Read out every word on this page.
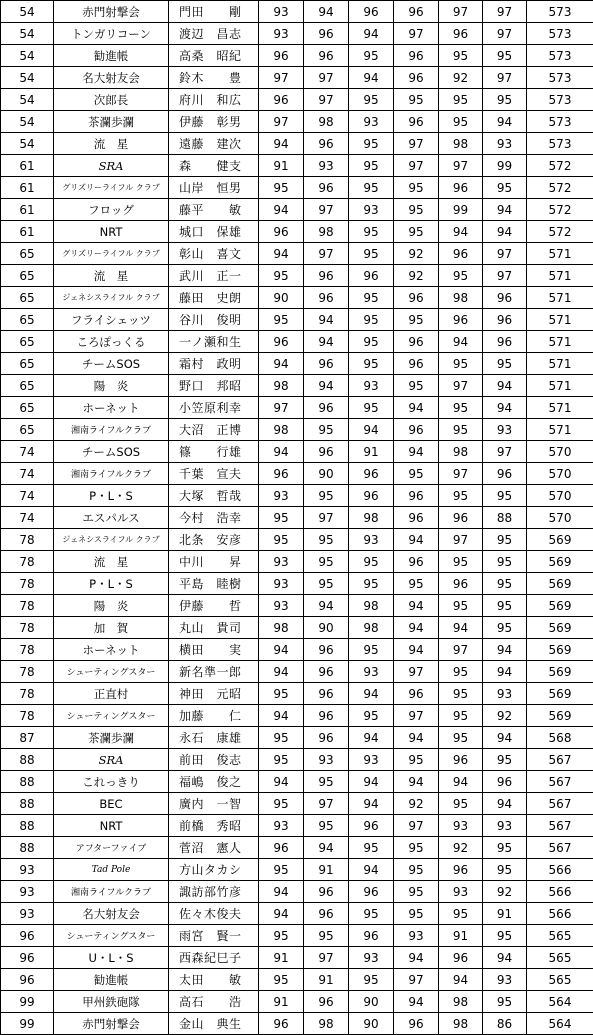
54	赤門射撃会	門田　　剛	93	94	96	96	97	97	573
54	トンガリコーン	渡辺　昌志	93	96	94	97	96	97	573
54	勧進帳	高桑　昭紀	96	96	95	96	95	95	573
54	名大射友会	鈴木　　豊	97	97	94	96	92	97	573
54	次郎長	府川　和広	96	97	95	95	95	95	573
54	茶瀾歩瀾	伊藤　彰男	97	98	93	96	95	94	573
54	流　星	遠藤　建次	94	96	95	97	98	93	573
61	SRA	森　　健支	91	93	95	97	97	99	572
61	グリズリーライフル クラブ	山岸　恒男	95	96	95	95	96	95	572
61	フロッグ	藤平　　敏	94	97	93	95	99	94	572
61	NRT	城口　保雄	96	98	95	95	94	94	572
65	グリズリーライフル クラブ	彰山　喜文	94	97	95	92	96	97	571
65	流　星	武川　正一	95	96	96	92	95	97	571
65	ジェネシスライフル クラブ	藤田　史朗	90	96	95	96	98	96	571
65	フライシェッツ	谷川　俊明	95	94	95	95	96	96	571
65	ころぽっくる	一ノ瀬和生	96	94	95	96	94	96	571
65	チームSOS	霜村　政明	94	96	95	96	95	95	571
65	陽　炎	野口　邦昭	98	94	93	95	97	94	571
65	ホーネット	小笠原利幸	97	96	95	94	95	94	571
65	湘南ライフルクラブ	大沼　正博	98	95	94	96	95	93	571
74	チームSOS	篠　　行雄	94	96	91	94	98	97	570
74	湘南ライフルクラブ	千葉　宣夫	96	90	96	95	97	96	570
74	P・L・S	大塚　哲哉	93	95	96	96	95	95	570
74	エスパルス	今村　浩幸	95	97	98	96	96	88	570
78	ジェネシスライフル クラブ	北条　安彦	95	95	93	94	97	95	569
78	流　星	中川　　昇	93	95	95	96	95	95	569
78	P・L・S	平島　睦樹	93	95	95	95	96	95	569
78	陽　炎	伊藤　　哲	93	94	98	94	95	95	569
78	加　賀	丸山　貴司	98	90	98	94	94	95	569
78	ホーネット	横田　　実	94	96	95	94	97	94	569
78	シューティングスター	新名準一郎	94	96	93	97	95	94	569
78	正直村	神田　元昭	95	96	94	96	95	93	569
78	シューティングスター	加藤　　仁	94	96	95	97	95	92	569
87	茶瀾歩瀾	永石　康雄	95	96	94	94	95	94	568
88	SRA	前田　俊志	95	93	93	95	96	95	567
88	これっきり	福嶋　俊之	94	95	94	94	94	96	567
88	BEC	廣内　一智	95	97	94	92	95	94	567
88	NRT	前橋　秀昭	93	95	96	97	93	93	567
88	アフターファイブ	菅沼　憲人	96	94	95	95	92	95	567
93	Tad Pole	方山タカシ	95	91	94	95	96	95	566
93	湘南ライフルクラブ	諏訪部竹彦	94	96	96	95	93	92	566
93	名大射友会	佐々木俊夫	94	96	95	95	95	91	566
96	シューティングスター	雨宮　賢一	95	95	96	93	91	95	565
96	U・L・S	西森紀巳子	91	97	93	94	96	94	565
96	勧進帳	太田　　敏	95	91	95	97	94	93	565
99	甲州鉄砲隊	高石　　浩	91	96	90	94	98	95	564
99	赤門射撃会	金山　典生	96	98	90	96	98	86	564
